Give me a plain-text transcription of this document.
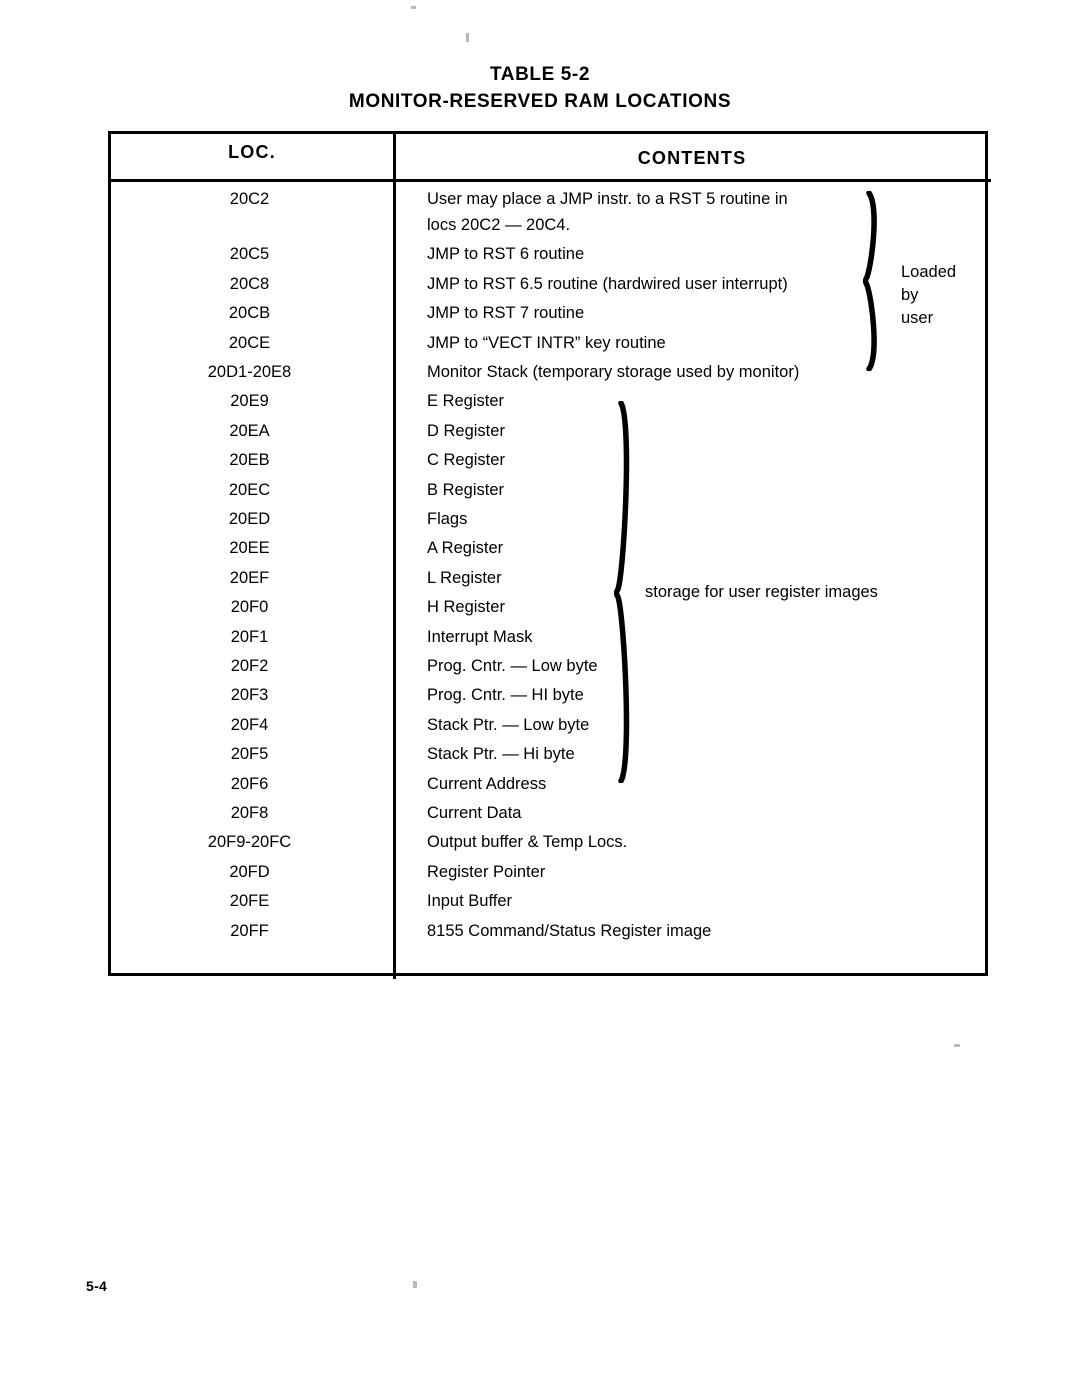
TABLE 5-2
MONITOR-RESERVED RAM LOCATIONS
LOC.	CONTENTS
20C2	User may place a JMP instr. to a RST 5 routine in
locs 20C2 — 20C4.
20C5	JMP to RST 6 routine
20C8	JMP to RST 6.5 routine (hardwired user interrupt)
20CB	JMP to RST 7 routine
20CE	JMP to “VECT INTR” key routine
20D1-20E8	Monitor Stack (temporary storage used by monitor)
20E9	E Register
20EA	D Register
20EB	C Register
20EC	B Register
20ED	Flags
20EE	A Register
20EF	L Register
20F0	H Register
20F1	Interrupt Mask
20F2	Prog. Cntr. — Low byte
20F3	Prog. Cntr. — HI byte
20F4	Stack Ptr. — Low byte
20F5	Stack Ptr. — Hi byte
20F6	Current Address
20F8	Current Data
20F9-20FC	Output buffer & Temp Locs.
20FD	Register Pointer
20FE	Input Buffer
20FF	8155 Command/Status Register image
Loaded
by
user
storage for user register images
5-4
